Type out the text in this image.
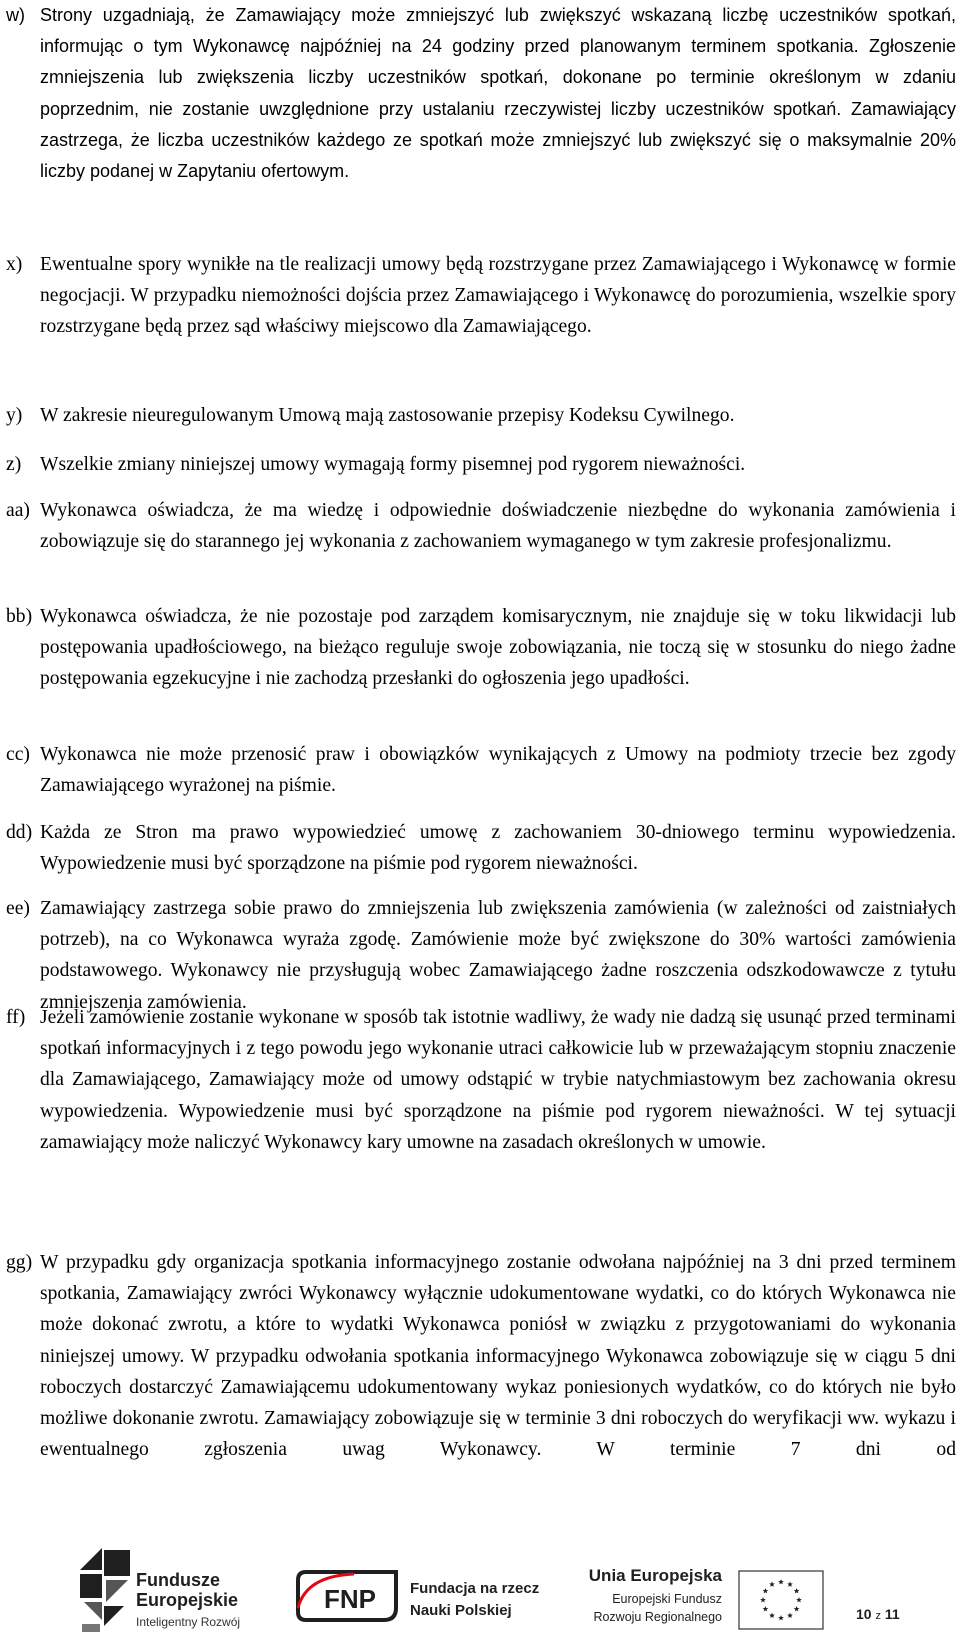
w) Strony uzgadniają, że Zamawiający może zmniejszyć lub zwiększyć wskazaną liczbę uczestników spotkań, informując o tym Wykonawcę najpóźniej na 24 godziny przed planowanym terminem spotkania. Zgłoszenie zmniejszenia lub zwiększenia liczby uczestników spotkań, dokonane po terminie określonym w zdaniu poprzednim, nie zostanie uwzględnione przy ustalaniu rzeczywistej liczby uczestników spotkań. Zamawiający zastrzega, że liczba uczestników każdego ze spotkań może zmniejszyć lub zwiększyć się o maksymalnie 20% liczby podanej w Zapytaniu ofertowym.
x) Ewentualne spory wynikłe na tle realizacji umowy będą rozstrzygane przez Zamawiającego i Wykonawcę w formie negocjacji. W przypadku niemożności dojścia przez Zamawiającego i Wykonawcę do porozumienia, wszelkie spory rozstrzygane będą przez sąd właściwy miejscowo dla Zamawiającego.
y) W zakresie nieuregulowanym Umową mają zastosowanie przepisy Kodeksu Cywilnego.
z) Wszelkie zmiany niniejszej umowy wymagają formy pisemnej pod rygorem nieważności.
aa) Wykonawca oświadcza, że ma wiedzę i odpowiednie doświadczenie niezbędne do wykonania zamówienia i zobowiązuje się do starannego jej wykonania z zachowaniem wymaganego w tym zakresie profesjonalizmu.
bb) Wykonawca oświadcza, że nie pozostaje pod zarządem komisarycznym, nie znajduje się w toku likwidacji lub postępowania upadłościowego, na bieżąco reguluje swoje zobowiązania, nie toczą się w stosunku do niego żadne postępowania egzekucyjne i nie zachodzą przesłanki do ogłoszenia jego upadłości.
cc) Wykonawca nie może przenosić praw i obowiązków wynikających z Umowy na podmioty trzecie bez zgody Zamawiającego wyrażonej na piśmie.
dd) Każda ze Stron ma prawo wypowiedzieć umowę z zachowaniem 30-dniowego terminu wypowiedzenia. Wypowiedzenie musi być sporządzone na piśmie pod rygorem nieważności.
ee) Zamawiający zastrzega sobie prawo do zmniejszenia lub zwiększenia zamówienia (w zależności od zaistniałych potrzeb), na co Wykonawca wyraża zgodę. Zamówienie może być zwiększone do 30% wartości zamówienia podstawowego. Wykonawcy nie przysługują wobec Zamawiającego żadne roszczenia odszkodowawcze z tytułu zmniejszenia zamówienia.
ff) Jeżeli zamówienie zostanie wykonane w sposób tak istotnie wadliwy, że wady nie dadzą się usunąć przed terminami spotkań informacyjnych i z tego powodu jego wykonanie utraci całkowicie lub w przeważającym stopniu znaczenie dla Zamawiającego, Zamawiający może od umowy odstąpić w trybie natychmiastowym bez zachowania okresu wypowiedzenia. Wypowiedzenie musi być sporządzone na piśmie pod rygorem nieważności. W tej sytuacji zamawiający może naliczyć Wykonawcy kary umowne na zasadach określonych w umowie.
gg) W przypadku gdy organizacja spotkania informacyjnego zostanie odwołana najpóźniej na 3 dni przed terminem spotkania, Zamawiający zwróci Wykonawcy wyłącznie udokumentowane wydatki, co do których Wykonawca nie może dokonać zwrotu, a które to wydatki Wykonawca poniósł w związku z przygotowaniami do wykonania niniejszej umowy. W przypadku odwołania spotkania informacyjnego Wykonawca zobowiązuje się w ciągu 5 dni roboczych dostarczyć Zamawiającemu udokumentowany wykaz poniesionych wydatków, co do których nie było możliwe dokonanie zwrotu. Zamawiający zobowiązuje się w terminie 3 dni roboczych do weryfikacji ww. wykazu i ewentualnego zgłoszenia uwag Wykonawcy. W terminie 7 dni od
Fundusze
Europejskie
Inteligentny Rozwój
FNP Fundacja na rzecz
Nauki Polskiej
Unia Europejska
Europejski Fundusz
Rozwoju Regionalnego	10 z 11
